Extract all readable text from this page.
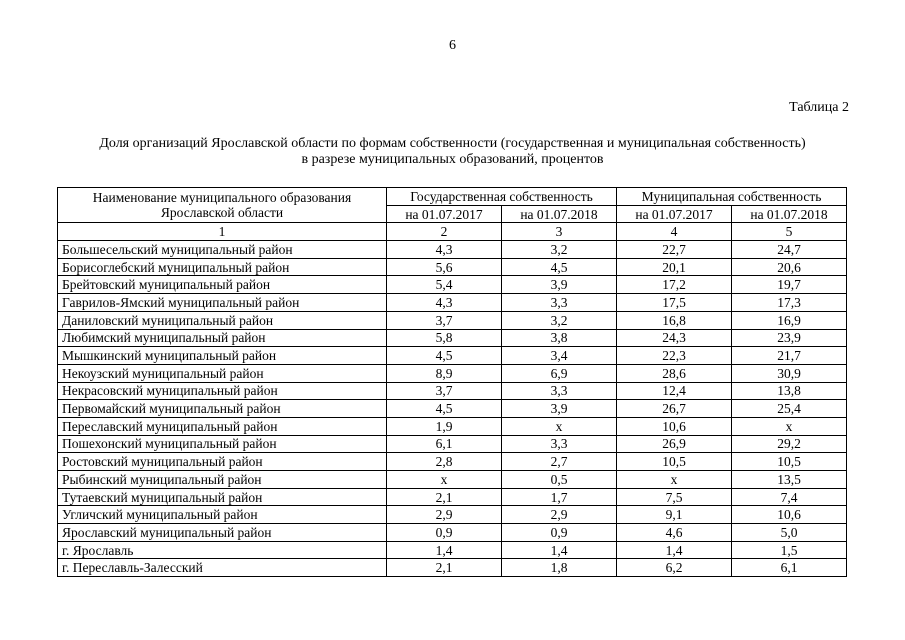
6
Таблица 2
Доля организаций Ярославской области по формам собственности (государственная и муниципальная собственность)
в разрезе муниципальных образований, процентов
Наименование муниципального образования
Ярославской области	Государственная собственность		Муниципальная собственность	
	на 01.07.2017	на 01.07.2018	на 01.07.2017	на 01.07.2018
1	2	3	4	5
Большесельский муниципальный район	4,3	3,2	22,7	24,7
Борисоглебский муниципальный район	5,6	4,5	20,1	20,6
Брейтовский муниципальный район	5,4	3,9	17,2	19,7
Гаврилов-Ямский муниципальный район	4,3	3,3	17,5	17,3
Даниловский муниципальный район	3,7	3,2	16,8	16,9
Любимский муниципальный район	5,8	3,8	24,3	23,9
Мышкинский муниципальный район	4,5	3,4	22,3	21,7
Некоузский муниципальный район	8,9	6,9	28,6	30,9
Некрасовский муниципальный район	3,7	3,3	12,4	13,8
Первомайский муниципальный район	4,5	3,9	26,7	25,4
Переславский муниципальный район	1,9	х	10,6	х
Пошехонский муниципальный район	6,1	3,3	26,9	29,2
Ростовский муниципальный район	2,8	2,7	10,5	10,5
Рыбинский муниципальный район	х	0,5	х	13,5
Тутаевский муниципальный район	2,1	1,7	7,5	7,4
Угличский муниципальный район	2,9	2,9	9,1	10,6
Ярославский муниципальный район	0,9	0,9	4,6	5,0
г. Ярославль	1,4	1,4	1,4	1,5
г. Переславль-Залесский	2,1	1,8	6,2	6,1
